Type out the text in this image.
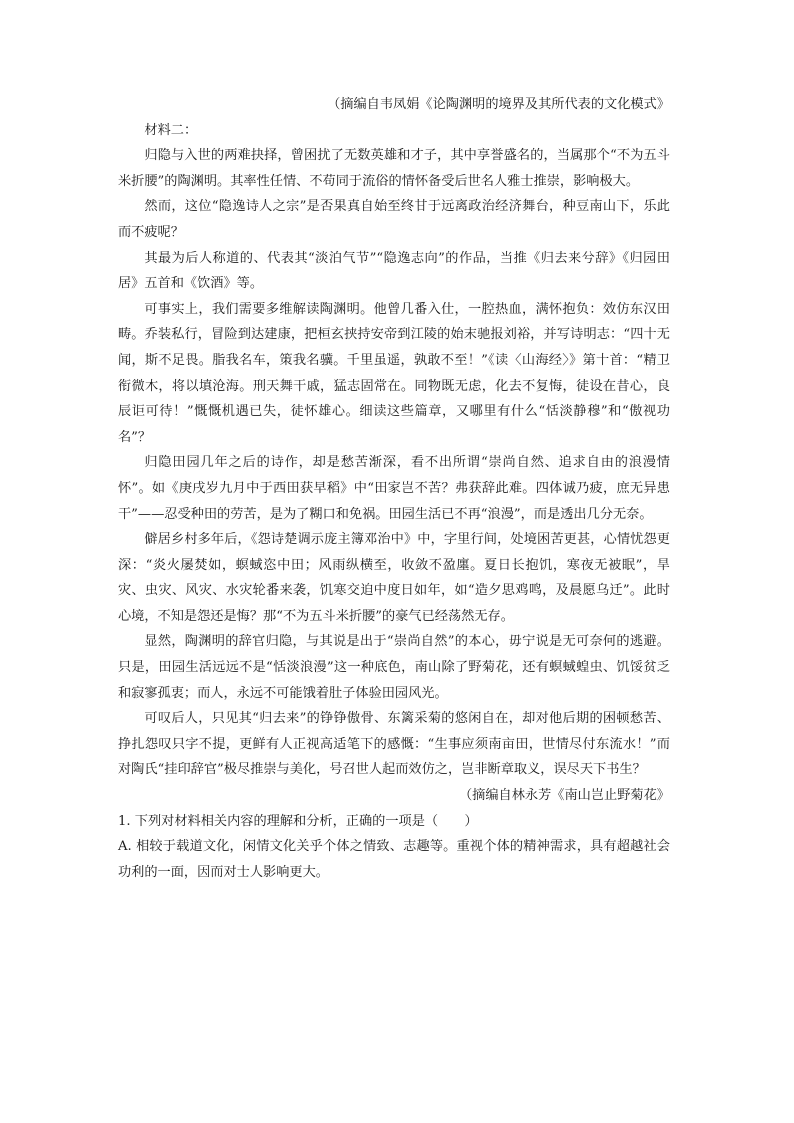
（摘编自韦凤娟《论陶渊明的境界及其所代表的文化模式》

材料二：

归隐与入世的两难抉择，曾困扰了无数英雄和才子，其中享誉盛名的，当属那个“不为五斗米折腰”的陶渊明。其率性任情、不苟同于流俗的情怀备受后世名人雅士推崇，影响极大。

然而，这位“隐逸诗人之宗”是否果真自始至终甘于远离政治经济舞台，种豆南山下，乐此而不疲呢？

其最为后人称道的、代表其“淡泊气节”“隐逸志向”的作品，当推《归去来兮辞》《归园田居》五首和《饮酒》等。

可事实上，我们需要多维解读陶渊明。他曾几番入仕，一腔热血，满怀抱负：效仿东汉田畴。乔装私行，冒险到达建康，把桓玄挟持安帝到江陵的始末驰报刘裕，并写诗明志：“四十无闻，斯不足畏。脂我名车，策我名骥。千里虽遥，孰敢不至！”《读〈山海经〉》第十首：“精卫衔微木，将以填沧海。刑天舞干戚，猛志固常在。同物既无虑，化去不复悔，徒设在昔心，良辰讵可待！”慨慨机遇已失，徒怀雄心。细读这些篇章，又哪里有什么“恬淡静穆”和“傲视功名”？

归隐田园几年之后的诗作，却是愁苦渐深，看不出所谓“崇尚自然、追求自由的浪漫情怀”。如《庚戌岁九月中于西田获早稻》中“田家岂不苦？弗获辞此难。四体诚乃疲，庶无异患干”——忍受种田的劳苦，是为了糊口和免祸。田园生活已不再“浪漫”，而是透出几分无奈。

僻居乡村多年后，《怨诗楚调示庞主簿邓治中》中，字里行间，处境困苦更甚，心情忧怨更深：“炎火屡焚如，螟蜮恣中田；风雨纵横至，收敛不盈廛。夏日长抱饥，寒夜无被眠”，旱灾、虫灾、风灾、水灾轮番来袭，饥寒交迫中度日如年，如“造夕思鸡鸣，及晨愿乌迁”。此时心境，不知是怨还是悔？那“不为五斗米折腰”的豪气已经荡然无存。

显然，陶渊明的辞官归隐，与其说是出于“崇尚自然”的本心，毋宁说是无可奈何的逃避。只是，田园生活远远不是“恬淡浪漫”这一种底色，南山除了野菊花，还有螟蜮蝗虫、饥馁贫乏和寂寥孤衷；而人，永远不可能饿着肚子体验田园风光。

可叹后人，只见其“归去来”的铮铮傲骨、东篱采菊的悠闲自在，却对他后期的困顿愁苦、挣扎怨叹只字不提，更鲜有人正视高适笔下的感慨：“生事应须南亩田，世情尽付东流水！”而对陶氏“挂印辞官”极尽推崇与美化，号召世人起而效仿之，岂非断章取义，误尽天下书生？

（摘编自林永芳《南山岂止野菊花》

1. 下列对材料相关内容的理解和分析，正确的一项是（　　）

A. 相较于载道文化，闲情文化关乎个体之情致、志趣等。重视个体的精神需求，具有超越社会功利的一面，因而对士人影响更大。
